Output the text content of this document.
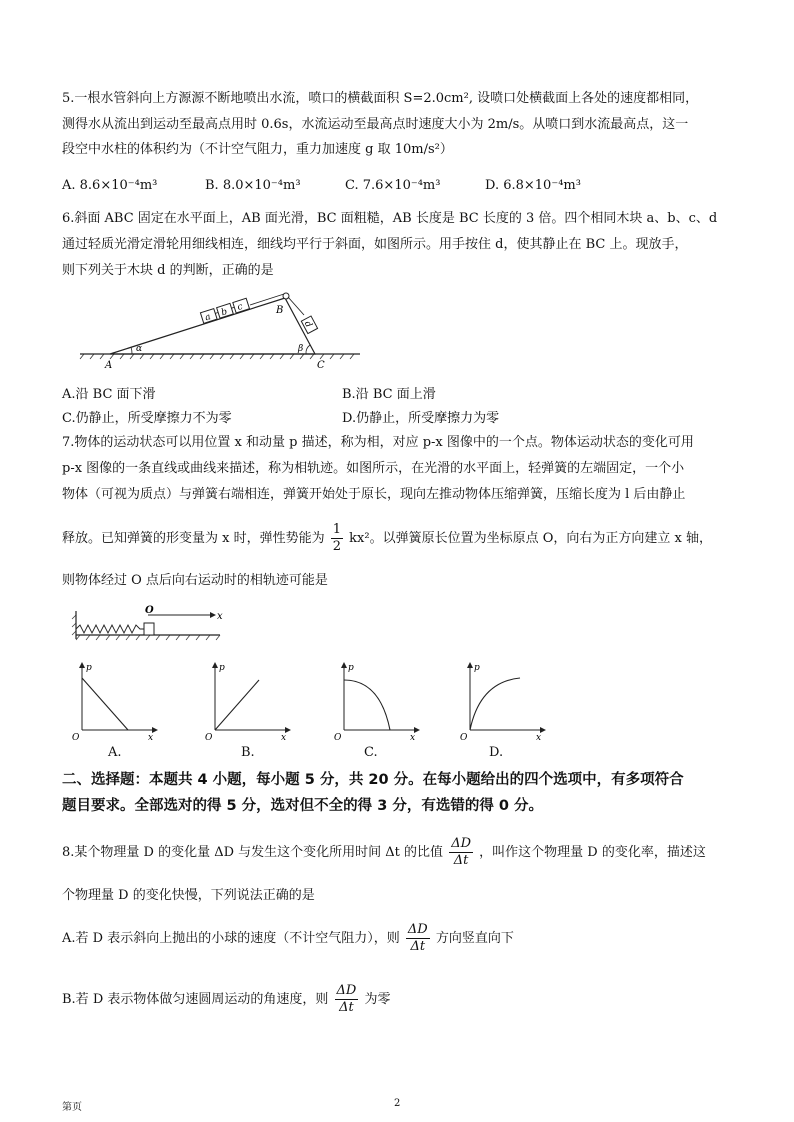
5.一根水管斜向上方源源不断地喷出水流，喷口的横截面积 S=2.0cm², 设喷口处横截面上各处的速度都相同，
测得水从流出到运动至最高点用时 0.6s，水流运动至最高点时速度大小为 2m/s。从喷口到水流最高点，这一
段空中水柱的体积约为（不计空气阻力，重力加速度 g 取 10m/s²）
A. 8.6×10⁻⁴m³	B. 8.0×10⁻⁴m³	C. 7.6×10⁻⁴m³	D. 6.8×10⁻⁴m³
6.斜面 ABC 固定在水平面上，AB 面光滑，BC 面粗糙，AB 长度是 BC 长度的 3 倍。四个相同木块 a、b、c、d
通过轻质光滑定滑轮用细线相连，细线均平行于斜面，如图所示。用手按住 d，使其静止在 BC 上。现放手，
则下列关于木块 d 的判断，正确的是
a b c
d
α	β
A
B
C
A.沿 BC 面下滑	B.沿 BC 面上滑
C.仍静止，所受摩擦力不为零	D.仍静止，所受摩擦力为零
7.物体的运动状态可以用位置 x 和动量 p 描述，称为相，对应 p-x 图像中的一个点。物体运动状态的变化可用
p-x 图像的一条直线或曲线来描述，称为相轨迹。如图所示，在光滑的水平面上，轻弹簧的左端固定，一个小
物体（可视为质点）与弹簧右端相连，弹簧开始处于原长，现向左推动物体压缩弹簧，压缩长度为 l 后由静止
释放。已知弹簧的形变量为 x 时，弹性势能为 $\frac{1}{2} kx^2$。以弹簧原长位置为坐标原点 O，向右为正方向建立 x 轴，
则物体经过 O 点后向右运动时的相轨迹可能是
O
x
p
x
O
A.
p
x
O
B.
p
x
O
C.
p
x
O
D.
二、选择题：本题共 4 小题，每小题 5 分，共 20 分。在每小题给出的四个选项中，有多项符合
题目要求。全部选对的得 5 分，选对但不全的得 3 分，有选错的得 0 分。
8.某个物理量 D 的变化量 ΔD 与发生这个变化所用时间 Δt 的比值 $\frac{\Delta D}{\Delta t}$ ，叫作这个物理量 D 的变化率，描述这
个物理量 D 的变化快慢，下列说法正确的是
A.若 D 表示斜向上抛出的小球的速度（不计空气阻力），则 $\frac{\Delta D}{\Delta t}$ 方向竖直向下
B.若 D 表示物体做匀速圆周运动的角速度，则 $\frac{\Delta D}{\Delta t}$ 为零
第页	2
